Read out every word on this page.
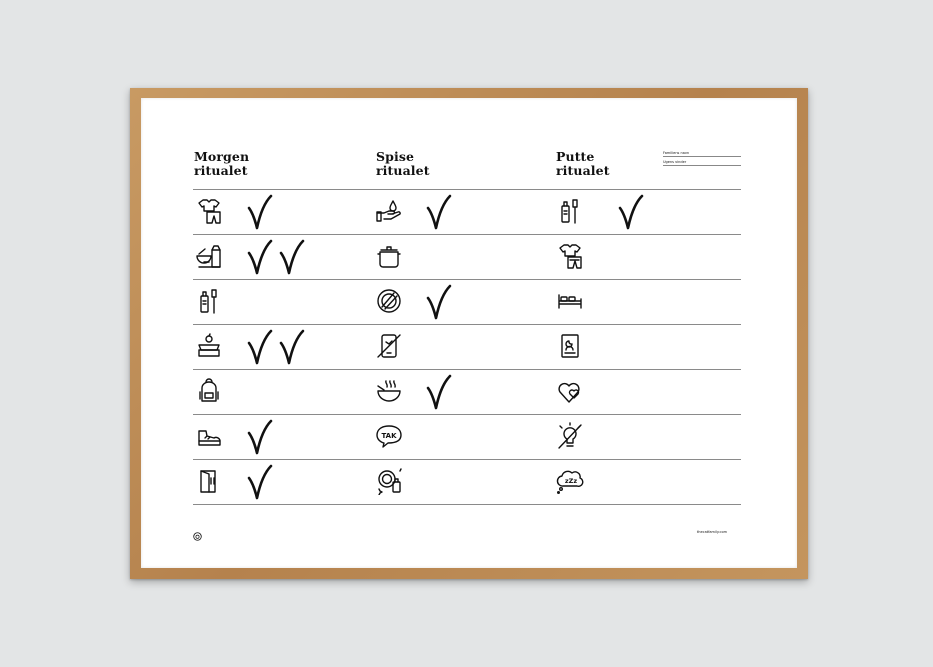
Morgen
ritualet
Spise
ritualet
Putte
ritualet
Familiens navn
Ugens vinder
TAK
zZz
thecatfamily.com
